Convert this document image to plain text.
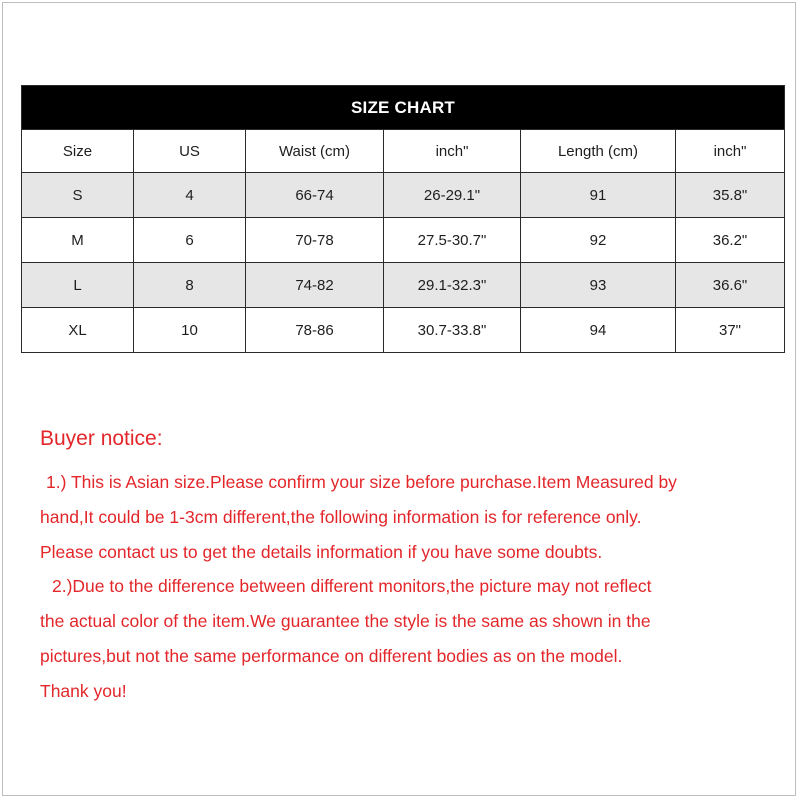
SIZE CHART					
Size	US	Waist (cm)	inch"	Length (cm)	inch"
S	4	66-74	26-29.1"	91	35.8"
M	6	70-78	27.5-30.7"	92	36.2"
L	8	74-82	29.1-32.3"	93	36.6"
XL	10	78-86	30.7-33.8"	94	37"

Buyer notice:

1.) This is Asian size.Please confirm your size before purchase.Item Measured by

hand,It could be 1-3cm different,the following information is for reference only.

Please contact us to get the details information if you have some doubts.

2.)Due to the difference between different monitors,the picture may not reflect

the actual color of the item.We guarantee the style is the same as shown in the

pictures,but not the same performance on different bodies as on the model.

Thank you!
